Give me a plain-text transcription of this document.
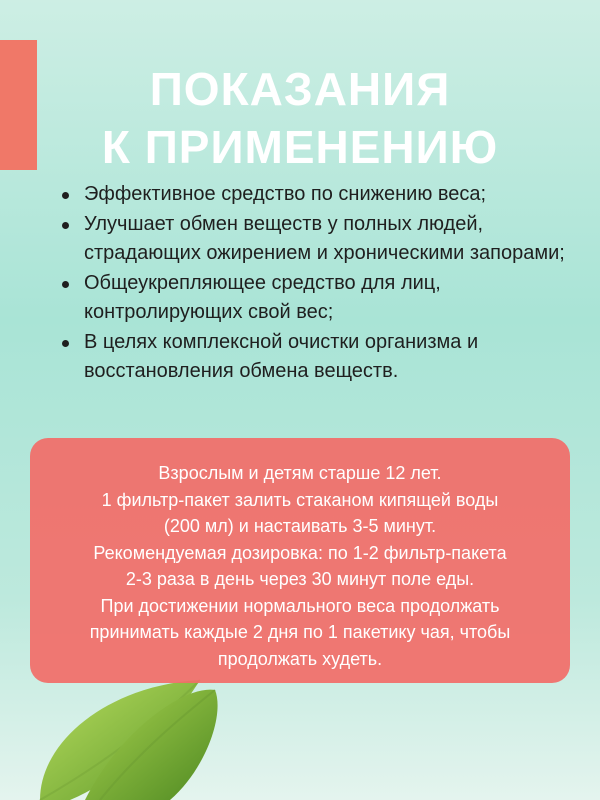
ПОКАЗАНИЯ
К ПРИМЕНЕНИЮ
Эффективное средство по снижению веса;
Улучшает обмен веществ у полных людей, страдающих ожирением и хроническими запорами;
Общеукрепляющее средство для лиц, контролирующих свой вес;
В целях комплексной очистки организма и восстановления обмена веществ.
Взрослым и детям старше 12 лет.
1 фильтр-пакет залить стаканом кипящей воды
(200 мл) и настаивать 3-5 минут.
Рекомендуемая дозировка: по 1-2 фильтр-пакета
2-3 раза в день через 30 минут поле еды.
При достижении нормального веса продолжать
принимать каждые 2 дня по 1 пакетику чая, чтобы
продолжать худеть.
